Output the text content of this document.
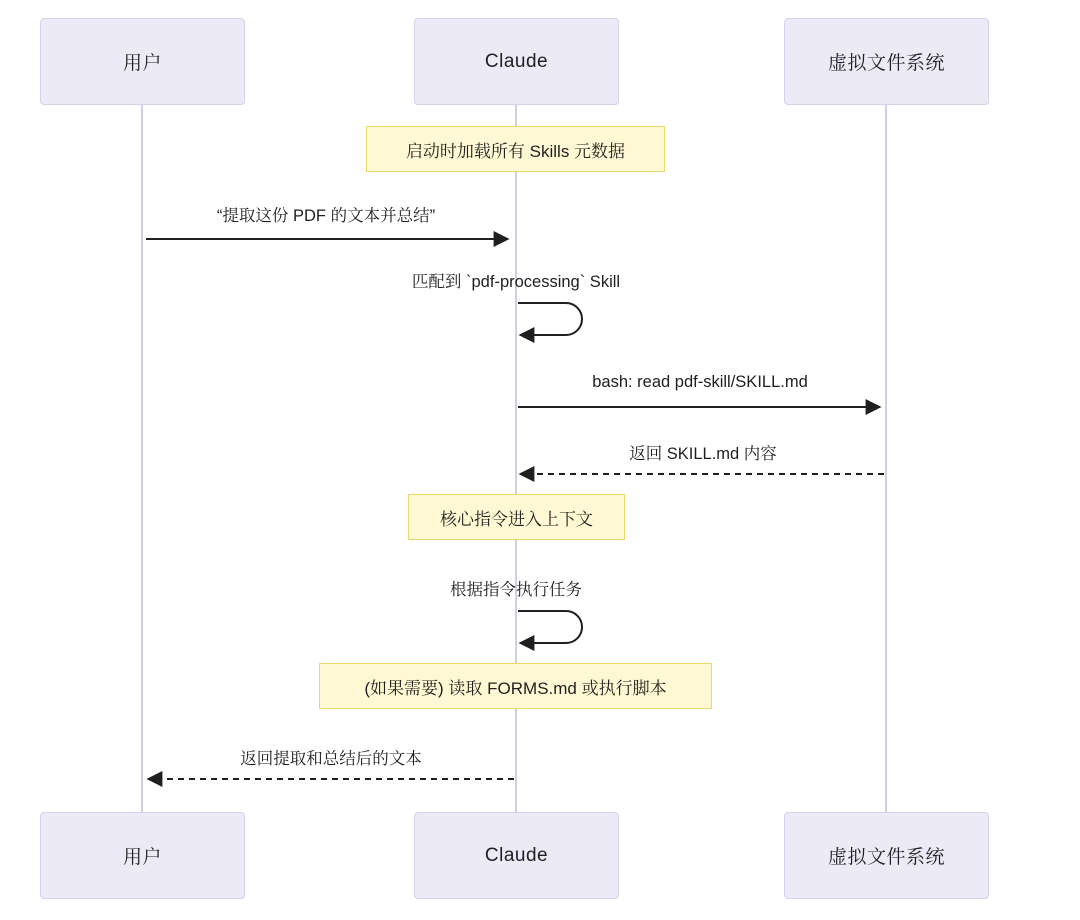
用户	Claude	虚拟文件系统
用户	Claude	虚拟文件系统
启动时加载所有 Skills 元数据
核心指令进入上下文
(如果需要) 读取 FORMS.md 或执行脚本
“提取这份 PDF 的文本并总结”
匹配到 `pdf-processing` Skill
bash: read pdf-skill/SKILL.md
返回 SKILL.md 内容
根据指令执行任务
返回提取和总结后的文本
